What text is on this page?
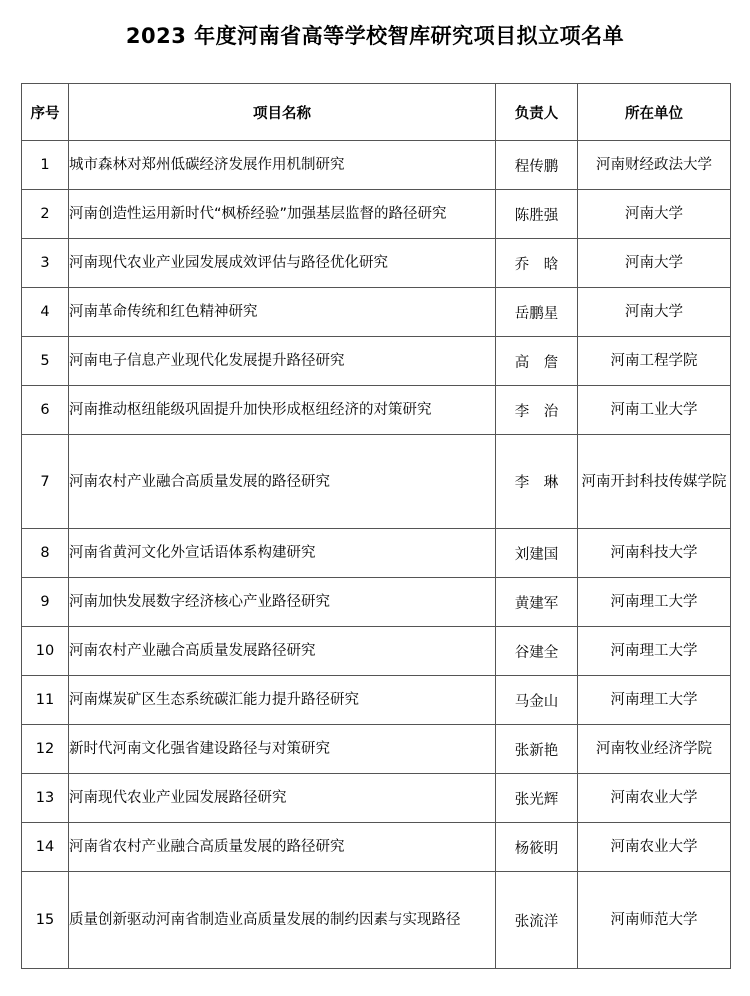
2023 年度河南省高等学校智库研究项目拟立项名单
序号	项目名称	负责人	所在单位
1	城市森林对郑州低碳经济发展作用机制研究	程传鹏	河南财经政法大学
2	河南创造性运用新时代“枫桥经验”加强基层监督的路径研究	陈胜强	河南大学
3	河南现代农业产业园发展成效评估与路径优化研究	乔　晗	河南大学
4	河南革命传统和红色精神研究	岳鹏星	河南大学
5	河南电子信息产业现代化发展提升路径研究	高　詹	河南工程学院
6	河南推动枢纽能级巩固提升加快形成枢纽经济的对策研究	李　治	河南工业大学
7	河南农村产业融合高质量发展的路径研究	李　琳	河南开封科技传媒学院
8	河南省黄河文化外宣话语体系构建研究	刘建国	河南科技大学
9	河南加快发展数字经济核心产业路径研究	黄建军	河南理工大学
10	河南农村产业融合高质量发展路径研究	谷建全	河南理工大学
11	河南煤炭矿区生态系统碳汇能力提升路径研究	马金山	河南理工大学
12	新时代河南文化强省建设路径与对策研究	张新艳	河南牧业经济学院
13	河南现代农业产业园发展路径研究	张光辉	河南农业大学
14	河南省农村产业融合高质量发展的路径研究	杨筱明	河南农业大学
15	质量创新驱动河南省制造业高质量发展的制约因素与实现路径	张流洋	河南师范大学
